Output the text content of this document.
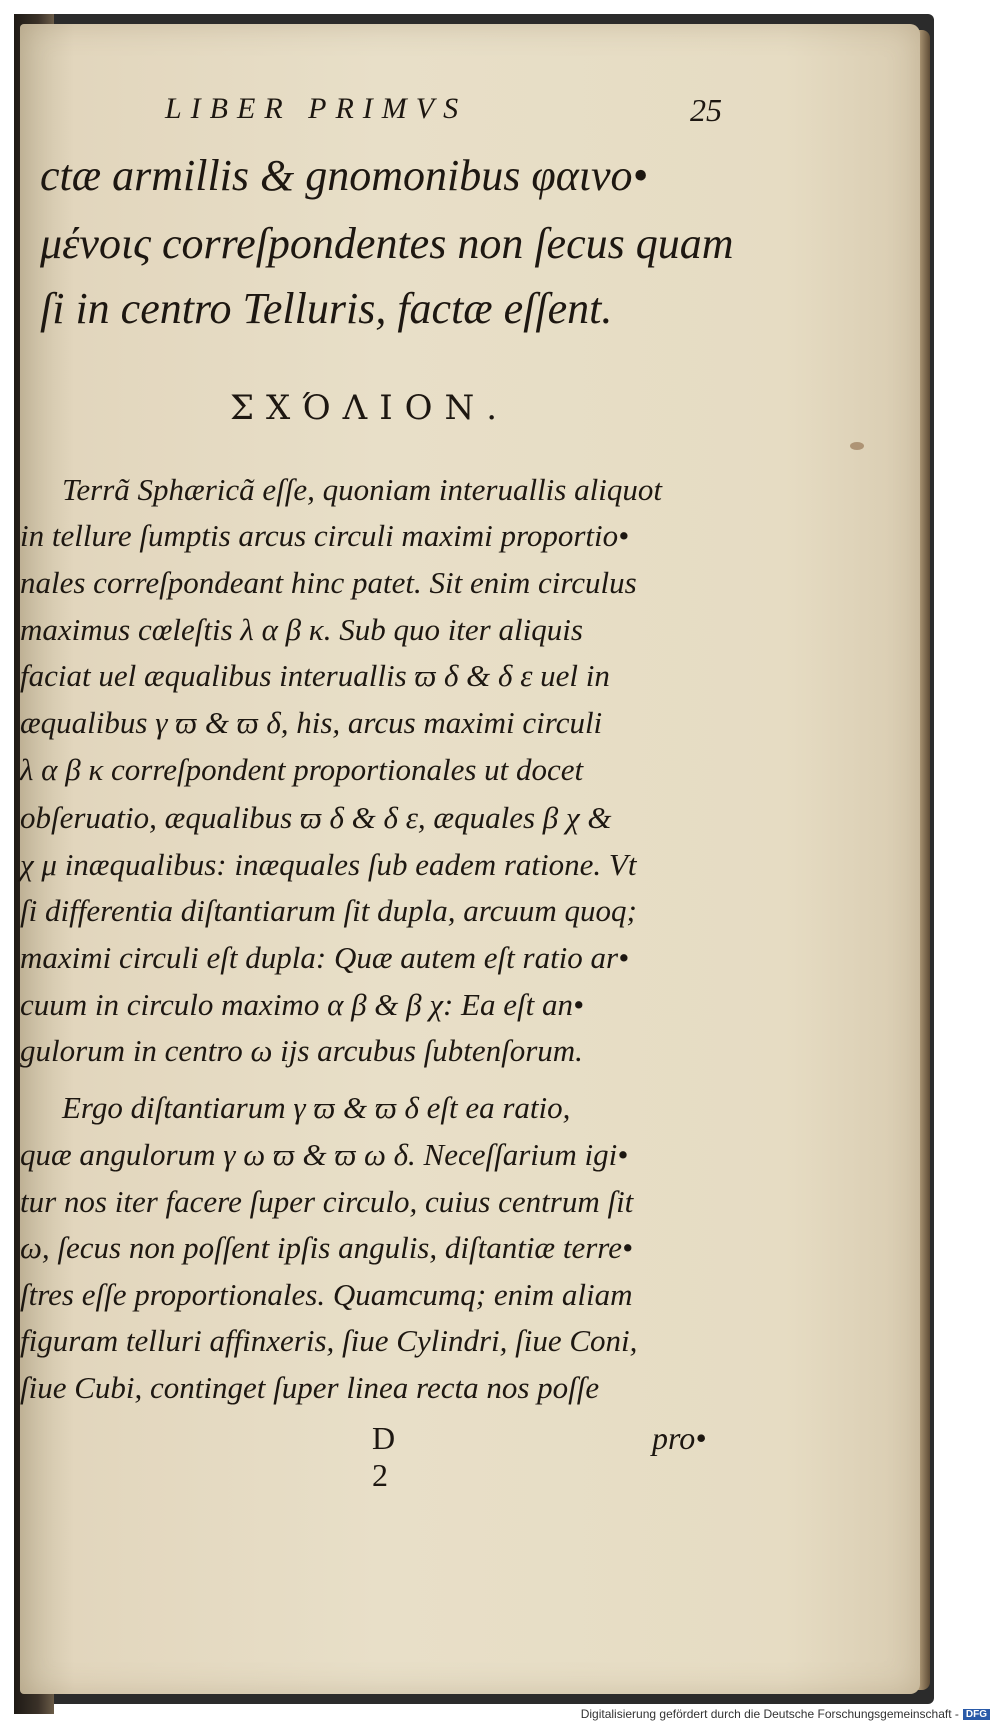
LIBER PRIMVS	25
ctæ armillis & gnomonibus φαινο•
μένοις correſpondentes non ſecus quam
ſi in centro Telluris, factæ eſſent.
ΣΧΌΛΙΟΝ.
Terrã Sphæricã eſſe, quoniam interuallis aliquot
in tellure ſumptis arcus circuli maximi proportio•
nales correſpondeant hinc patet. Sit enim circulus
maximus cœleſtis λ α β κ. Sub quo iter aliquis
faciat uel æqualibus interuallis ϖ δ & δ ε uel in
æqualibus γ ϖ & ϖ δ, his, arcus maximi circuli
λ α β κ correſpondent proportionales ut docet
obſeruatio, æqualibus ϖ δ & δ ε, æquales β χ &
χ μ inæqualibus: inæquales ſub eadem ratione. Vt
ſi differentia diſtantiarum ſit dupla, arcuum quoq;
maximi circuli eſt dupla: Quæ autem eſt ratio ar•
cuum in circulo maximo α β & β χ: Ea eſt an•
gulorum in centro ω ijs arcubus ſubtenſorum.
Ergo diſtantiarum γ ϖ & ϖ δ eſt ea ratio,
quæ angulorum γ ω ϖ & ϖ ω δ. Neceſſarium igi•
tur nos iter facere ſuper circulo, cuius centrum ſit
ω, ſecus non poſſent ipſis angulis, diſtantiæ terre•
ſtres eſſe proportionales. Quamcumq; enim aliam
figuram telluri affinxeris, ſiue Cylindri, ſiue Coni,
ſiue Cubi, continget ſuper linea recta nos poſſe
D 2
pro•
Digitalisierung gefördert durch die Deutsche Forschungsgemeinschaft - DFG
